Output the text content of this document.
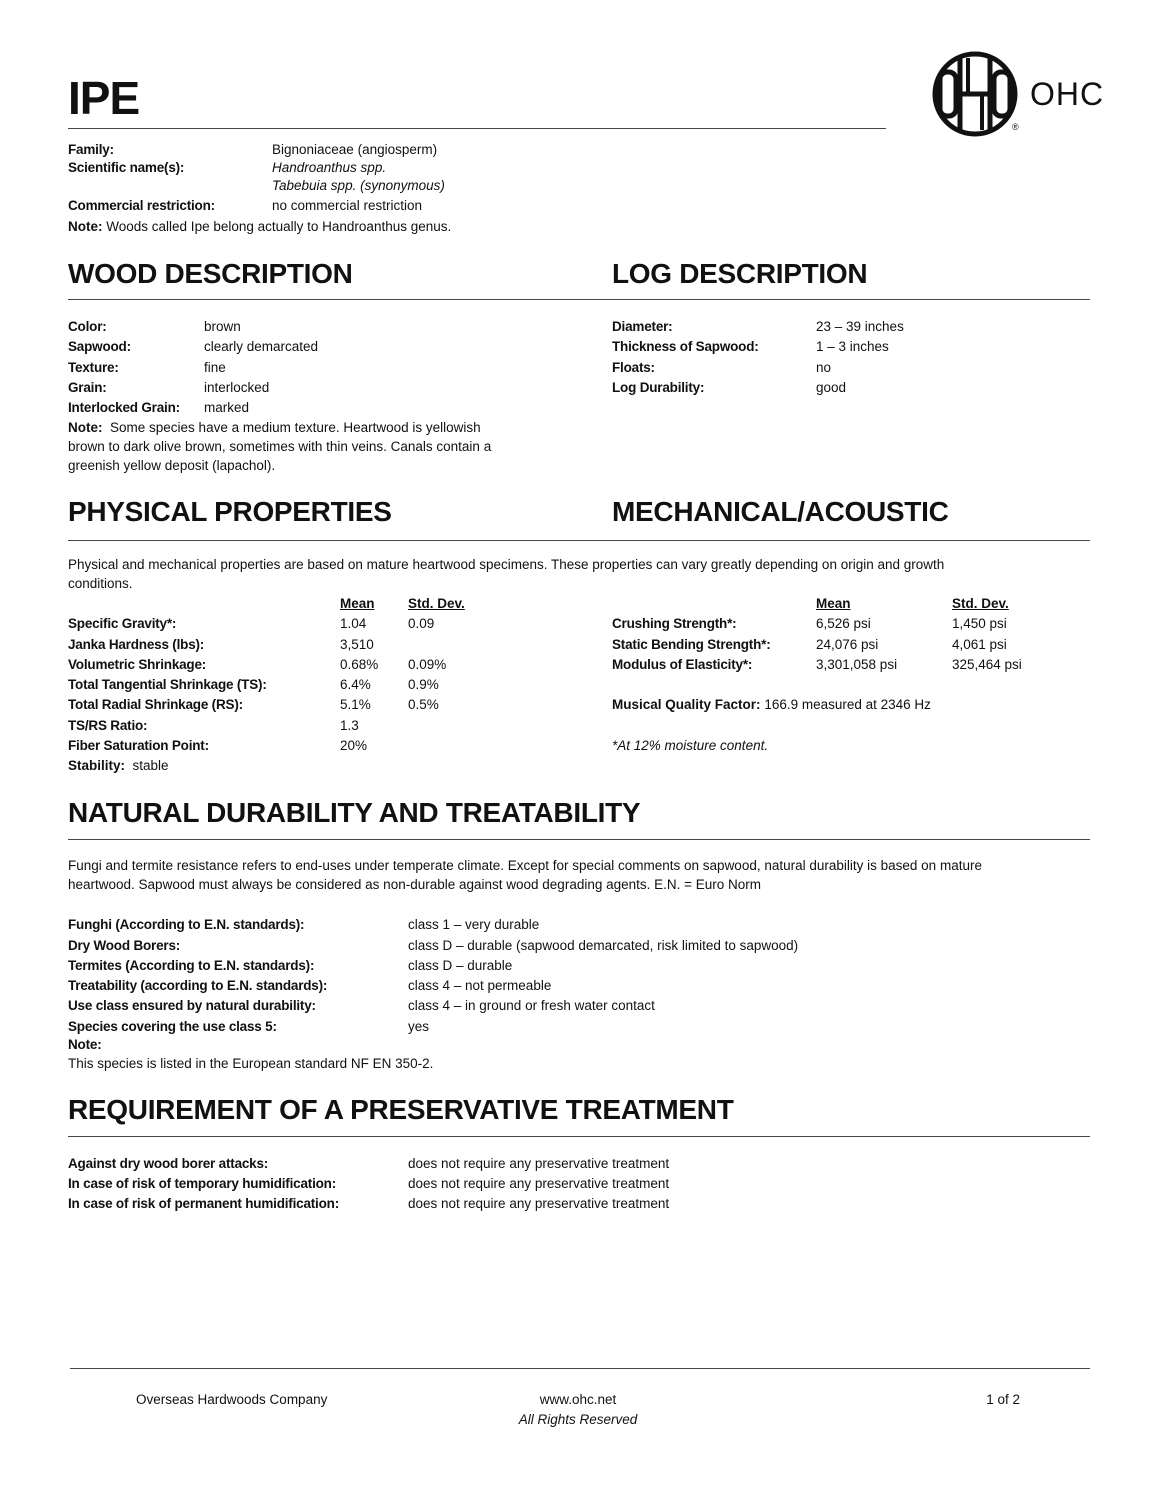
IPE	OHC
®
Family:	Bignoniaceae (angiosperm)
Scientific name(s):	Handroanthus spp.
Tabebuia spp. (synonymous)
Commercial restriction:	no commercial restriction
Note: Woods called Ipe belong actually to Handroanthus genus.
WOOD DESCRIPTION
Color:	brown
Sapwood:	clearly demarcated
Texture:	fine
Grain:	interlocked
Interlocked Grain: marked
Note: Some species have a medium texture. Heartwood is yellowish
brown to dark olive brown, sometimes with thin veins. Canals contain a
greenish yellow deposit (lapachol).
LOG DESCRIPTION
Diameter:	23 – 39 inches
Thickness of Sapwood:	1 – 3 inches
Floats:	no
Log Durability:	good
PHYSICAL PROPERTIES	MECHANICAL/ACOUSTIC
Physical and mechanical properties are based on mature heartwood specimens. These properties can vary greatly depending on origin and growth
conditions.
Mean Std. Dev.
Specific Gravity*:	1.04	0.09
Janka Hardness (lbs):	3,510
Volumetric Shrinkage:	0.68% 0.09%
Total Tangential Shrinkage (TS):	6.4%	0.9%
Total Radial Shrinkage (RS):	5.1%	0.5%
TS/RS Ratio:	1.3
Fiber Saturation Point:	20%
Stability: stable
Mean	Std. Dev.
Crushing Strength*:	6,526 psi	1,450 psi
Static Bending Strength*:	24,076 psi	4,061 psi
Modulus of Elasticity*:	3,301,058 psi	325,464 psi
Musical Quality Factor: 166.9 measured at 2346 Hz
*At 12% moisture content.
NATURAL DURABILITY AND TREATABILITY
Fungi and termite resistance refers to end-uses under temperate climate. Except for special comments on sapwood, natural durability is based on mature
heartwood. Sapwood must always be considered as non-durable against wood degrading agents. E.N. = Euro Norm
Funghi (According to E.N. standards):	class 1 – very durable
Dry Wood Borers:	class D – durable (sapwood demarcated, risk limited to sapwood)
Termites (According to E.N. standards):	class D – durable
Treatability (according to E.N. standards):	class 4 – not permeable
Use class ensured by natural durability:	class 4 – in ground or fresh water contact
Species covering the use class 5:	yes
Note:
This species is listed in the European standard NF EN 350-2.
REQUIREMENT OF A PRESERVATIVE TREATMENT
Against dry wood borer attacks:	does not require any preservative treatment
In case of risk of temporary humidification:	does not require any preservative treatment
In case of risk of permanent humidification:	does not require any preservative treatment
Overseas Hardwoods Company	www.ohc.net
All Rights Reserved
1 of 2
